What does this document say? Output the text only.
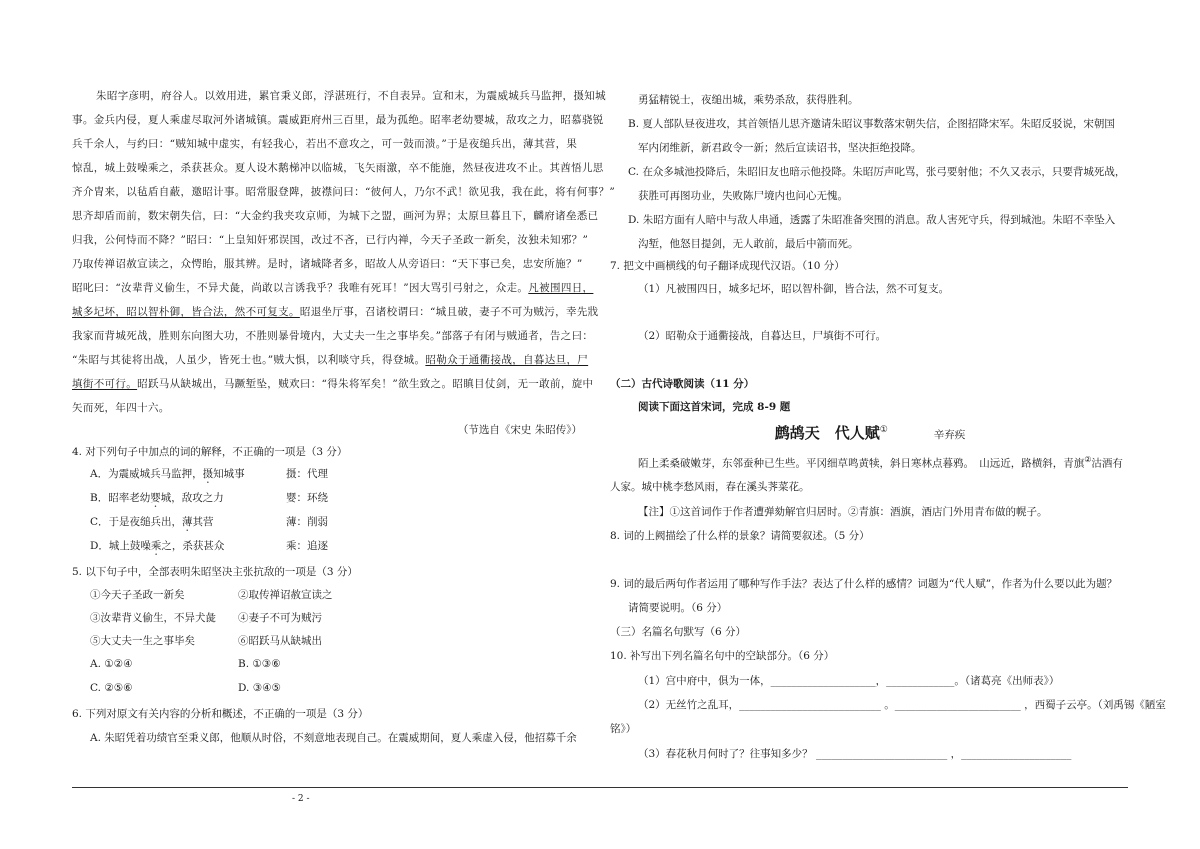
朱昭字彦明，府谷人。以效用进，累官秉义郎，浮湛班行，不自表异。宣和末，为震威城兵马监押，摄知城
事。金兵内侵，夏人乘虚尽取河外诸城镇。震威距府州三百里，最为孤绝。昭率老幼婴城，敌攻之力，昭慕骁锐
兵千余人，与约曰：“贼知城中虚实，有轻我心，若出不意攻之，可一鼓而溃。”于是夜缒兵出，薄其营，果
惊乱，城上鼓噪乘之，杀获甚众。夏人设木鹅梯冲以临城，飞矢雨激，卒不能施，然昼夜进攻不止。其酋悟儿思
齐介胄来，以毡盾自蔽，邀昭计事。昭常服登陴，披襟问曰：“彼何人，乃尔不武！欲见我，我在此，将有何事？”
思齐却盾而前，数宋朝失信，曰：“大金约我夹攻京师，为城下之盟，画河为界；太原旦暮且下，麟府诸垒悉已
归我，公何恃而不降？”昭曰：“上皇知奸邪误国，改过不吝，已行内禅，今天子圣政一新矣，汝独未知邪？”
乃取传禅诏赦宣读之，众愕眙，服其辨。是时，诸城降者多，昭故人从旁语曰：“天下事已矣，忠安所施？”
昭叱曰：“汝辈背义偷生，不异犬彘，尚敢以言诱我乎？我唯有死耳！”因大骂引弓射之，众走。凡被围四日，
城多圮坏，昭以智朴御，皆合法，然不可复支。昭退坐厅事，召诸校谓曰：“城且破，妻子不可为贼污，幸先戕
我家而背城死战，胜则东向图大功，不胜则暴骨境内，大丈夫一生之事毕矣。”部落子有闭与贼通者，告之曰：
“朱昭与其徒将出战，人虽少，皆死士也。”贼大惧，以利啖守兵，得登城。昭勒众于通衢接战，自暮达旦，尸
填街不可行。昭跃马从缺城出，马蹶堑坠，贼欢曰：“得朱将军矣！”欲生致之。昭瞋目仗剑，无一敢前，旋中
矢而死，年四十六。
（节选自《宋史 朱昭传》）
4. 对下列句子中加点的词的解释，不正确的一项是（3 分）
A．为震威城兵马监押，摄知城事	摄：代理
B．昭率老幼婴城，敌攻之力	婴：环绕
C．于是夜缒兵出，薄其营	薄：削弱
D．城上鼓噪乘之，杀获甚众	乘：追逐
5. 以下句子中，全部表明朱昭坚决主张抗敌的一项是（3 分）
①今天子圣政一新矣	②取传禅诏赦宣读之
③汝辈背义偷生，不异犬彘 ④妻子不可为贼污
⑤大丈夫一生之事毕矣	⑥昭跃马从缺城出
A. ①②④	B. ①③⑥
C. ②⑤⑥	D. ③④⑤
6. 下列对原文有关内容的分析和概述，不正确的一项是（3 分）
A. 朱昭凭着功绩官至秉义郎，他顺从时俗，不刻意地表现自己。在震威期间，夏人乘虚入侵，他招募千余
勇猛精锐士，夜缒出城，乘势杀敌，获得胜利。
B. 夏人部队昼夜进攻，其首领悟儿思齐邀请朱昭议事数落宋朝失信，企图招降宋军。朱昭反驳说，宋朝国
军内闭维新，新君政令一新；然后宣读诏书，坚决拒绝投降。
C. 在众多城池投降后，朱昭旧友也暗示他投降。朱昭厉声叱骂，张弓要射他；不久又表示，只要背城死战，
获胜可再图功业，失败陈尸境内也问心无愧。
D. 朱昭方面有人暗中与敌人串通，透露了朱昭准备突围的消息。敌人害死守兵，得到城池。朱昭不幸坠入
沟堑，他怒目提剑，无人敢前，最后中箭而死。
7. 把文中画横线的句子翻译成现代汉语。（10 分）
（1）凡被围四日，城多圮坏，昭以智朴御，皆合法，然不可复支。
（2）昭勒众于通衢接战，自暮达旦，尸填街不可行。
（二）古代诗歌阅读（11 分）
阅读下面这首宋词，完成 8-9 题
鹧鸪天　代人赋①	辛弃疾
陌上柔桑破嫩芽，东邻蚕种已生些。平冈细草鸣黄犊，斜日寒林点暮鸦。　山远近，路横斜，青旗②沽酒有
人家。城中桃李愁风雨，春在溪头荠菜花。
【注】①这首词作于作者遭弹劾解官归居时。②青旗：酒旗，酒店门外用青布做的幌子。
8. 词的上阙描绘了什么样的景象？请简要叙述。（5 分）
9. 词的最后两句作者运用了哪种写作手法？表达了什么样的感情？词题为“代人赋”，作者为什么要以此为题？
请简要说明。（6 分）
（三）名篇名句默写（6 分）
10. 补写出下列名篇名句中的空缺部分。（6 分）
（1）宫中府中，俱为一体，____________________，_____________。（诸葛亮《出师表》）
（2）无丝竹之乱耳，___________________________ 。________________________ ，西蜀子云亭。（刘禹锡《陋室
铭》）
（3）春花秋月何时了？往事知多少？ _________________________ ，_____________________
- 2 -
